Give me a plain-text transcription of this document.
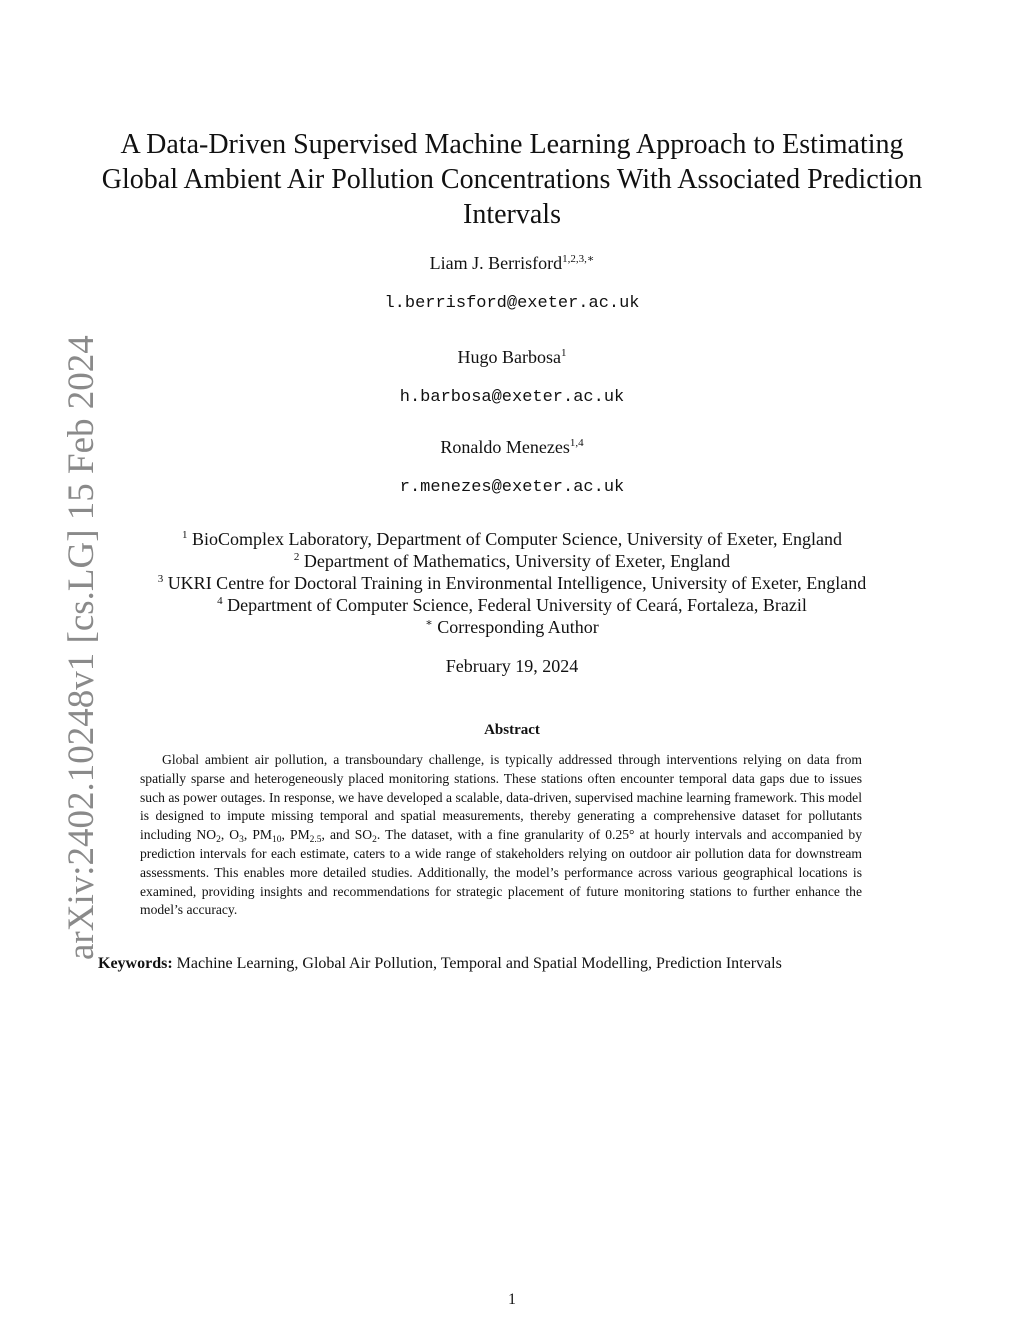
arXiv:2402.10248v1 [cs.LG] 15 Feb 2024
A Data-Driven Supervised Machine Learning Approach to Estimating Global Ambient Air Pollution Concentrations With Associated Prediction Intervals
Liam J. Berrisford$^{1,2,3,∗}$
l.berrisford@exeter.ac.uk
Hugo Barbosa$^1$
h.barbosa@exeter.ac.uk
Ronaldo Menezes$^{1,4}$
r.menezes@exeter.ac.uk
$^1$ BioComplex Laboratory, Department of Computer Science, University of Exeter, England
$^2$ Department of Mathematics, University of Exeter, England
$^3$ UKRI Centre for Doctoral Training in Environmental Intelligence, University of Exeter, England
$^4$ Department of Computer Science, Federal University of Ceará, Fortaleza, Brazil
∗ Corresponding Author
February 19, 2024
Abstract

Global ambient air pollution, a transboundary challenge, is typically addressed through interventions relying on data from spatially sparse and heterogeneously placed monitoring stations. These stations often encounter temporal data gaps due to issues such as power outages. In response, we have developed a scalable, data-driven, supervised machine learning framework. This model is designed to impute missing temporal and spatial measurements, thereby generating a comprehensive dataset for pollutants including $NO_2$, $O_3$, $PM_{10}$, $PM_{2.5}$, and $SO_2$. The dataset, with a fine granularity of 0.25° at hourly intervals and accompanied by prediction intervals for each estimate, caters to a wide range of stakeholders relying on outdoor air pollution data for downstream assessments. This enables more detailed studies. Additionally, the model’s performance across various geographical locations is examined, providing insights and recommendations for strategic placement of future monitoring stations to further enhance the model’s accuracy.

Keywords: Machine Learning, Global Air Pollution, Temporal and Spatial Modelling, Prediction Intervals
1
